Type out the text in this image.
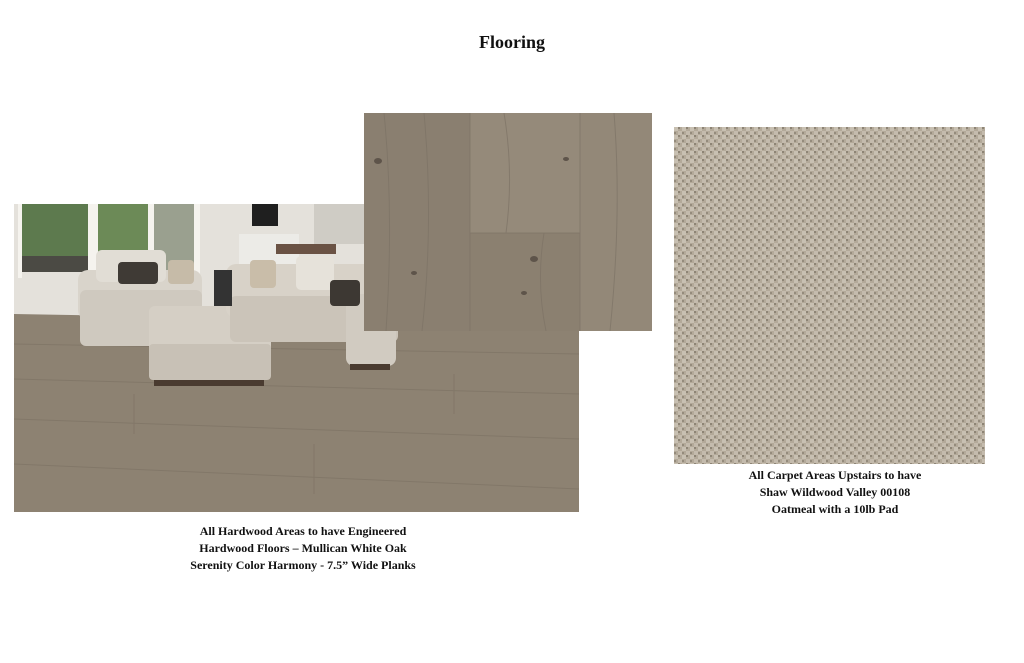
Flooring
All Hardwood Areas to have Engineered
Hardwood Floors – Mullican White Oak
Serenity Color Harmony - 7.5” Wide Planks
All Carpet Areas Upstairs to have
Shaw Wildwood Valley 00108
Oatmeal with a 10lb Pad
